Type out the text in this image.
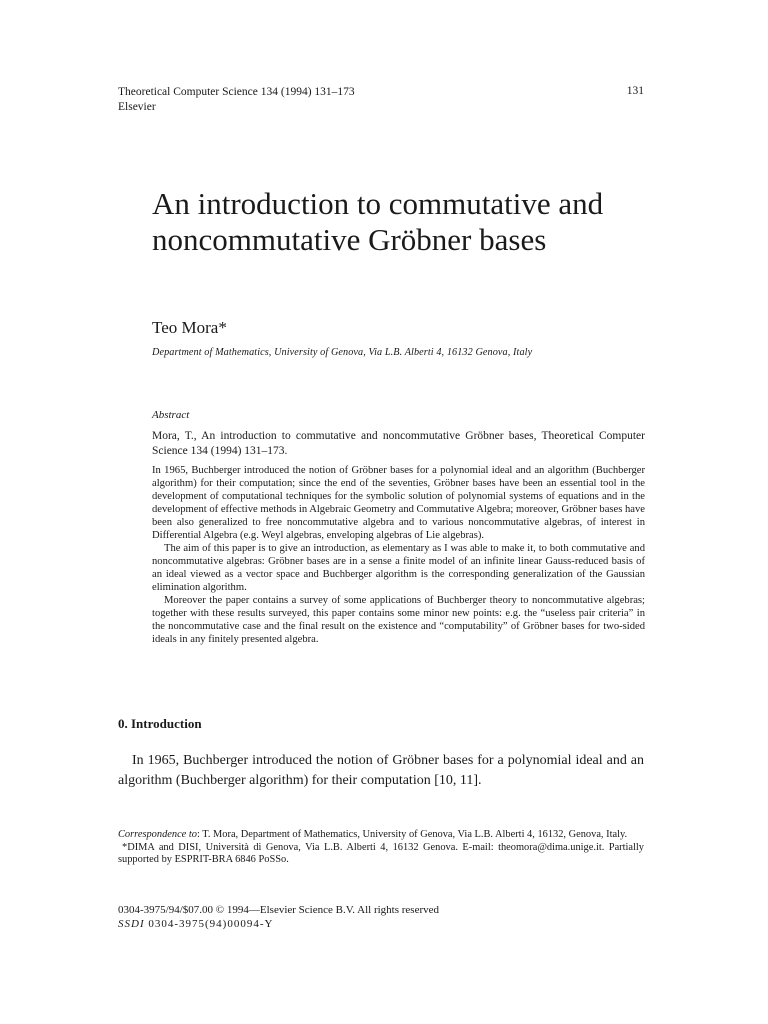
Theoretical Computer Science 134 (1994) 131–173
Elsevier
131
An introduction to commutative and noncommutative Gröbner bases
Teo Mora*
Department of Mathematics, University of Genova, Via L.B. Alberti 4, 16132 Genova, Italy
Abstract

Mora, T., An introduction to commutative and noncommutative Gröbner bases, Theoretical Computer Science 134 (1994) 131–173.

In 1965, Buchberger introduced the notion of Gröbner bases for a polynomial ideal and an algorithm (Buchberger algorithm) for their computation; since the end of the seventies, Gröbner bases have been an essential tool in the development of computational techniques for the symbolic solution of polynomial systems of equations and in the development of effective methods in Algebraic Geometry and Commutative Algebra; moreover, Gröbner bases have been also generalized to free noncommutative algebra and to various noncommutative algebras, of interest in Differential Algebra (e.g. Weyl algebras, enveloping algebras of Lie algebras).

The aim of this paper is to give an introduction, as elementary as I was able to make it, to both commutative and noncommutative algebras: Gröbner bases are in a sense a finite model of an infinite linear Gauss-reduced basis of an ideal viewed as a vector space and Buchberger algorithm is the corresponding generalization of the Gaussian elimination algorithm.

Moreover the paper contains a survey of some applications of Buchberger theory to noncommutative algebras; together with these results surveyed, this paper contains some minor new points: e.g. the “useless pair criteria” in the noncommutative case and the final result on the existence and “computability” of Gröbner bases for two-sided ideals in any finitely presented algebra.

0. Introduction

In 1965, Buchberger introduced the notion of Gröbner bases for a polynomial ideal and an algorithm (Buchberger algorithm) for their computation [10, 11].

Correspondence to: T. Mora, Department of Mathematics, University of Genova, Via L.B. Alberti 4, 16132, Genova, Italy.

*DIMA and DISI, Università di Genova, Via L.B. Alberti 4, 16132 Genova. E-mail: theomora@dima.unige.it. Partially supported by ESPRIT-BRA 6846 PoSSo.

0304-3975/94/$07.00 © 1994—Elsevier Science B.V. All rights reserved
SSDI 0304-3975(94)00094-Y
